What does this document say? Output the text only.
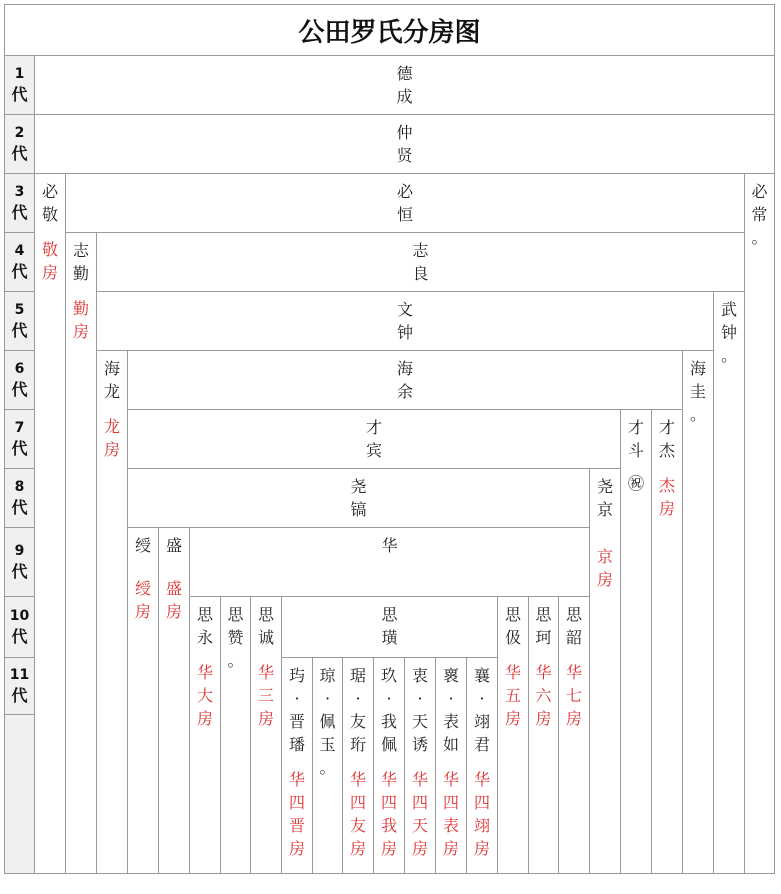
公田罗氏分房图
1
代
2
代
3
代
4
代
5
代
6
代
7
代
8
代
9
代
10
代
11
代
德
成
仲
贤
必
敬
敬
房
必
恒
必
常
。
志
勤
勤
房
志
良
文
钟
武
钟
。
海
龙
龙
房
海
余
海
圭
。
才
宾
才
斗
㊗
才
杰
杰
房
尧
镐
尧
京
京
房
绶
绶
房
盛
盛
房
华
思
永
华
大
房
思
赞
。
思
诚
华
三
房
思
璜
思
伋
华
五
房
思
珂
华
六
房
思
韶
华
七
房
玙
·
晋
璠
华
四
晋
房
琼
·
佩
玉
。
琚
·
友
珩
华
四
友
房
玖
·
我
佩
华
四
我
房
衷
·
天
诱
华
四
天
房
褱
·
表
如
华
四
表
房
襄
·
翊
君
华
四
翊
房
